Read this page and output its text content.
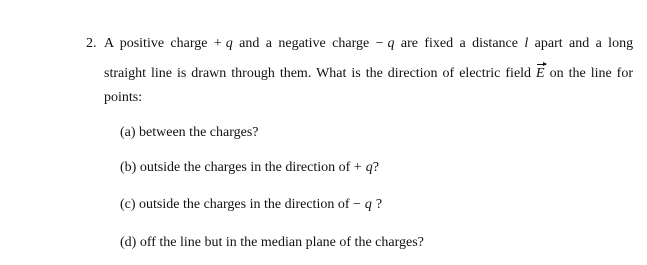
2. A positive charge + q and a negative charge − q are fixed a distance l apart and a long
straight line is drawn through them. What is the direction of electric field E on the line for
points:
(a) between the charges?
(b) outside the charges in the direction of + q?
(c) outside the charges in the direction of − q ?
(d) off the line but in the median plane of the charges?
